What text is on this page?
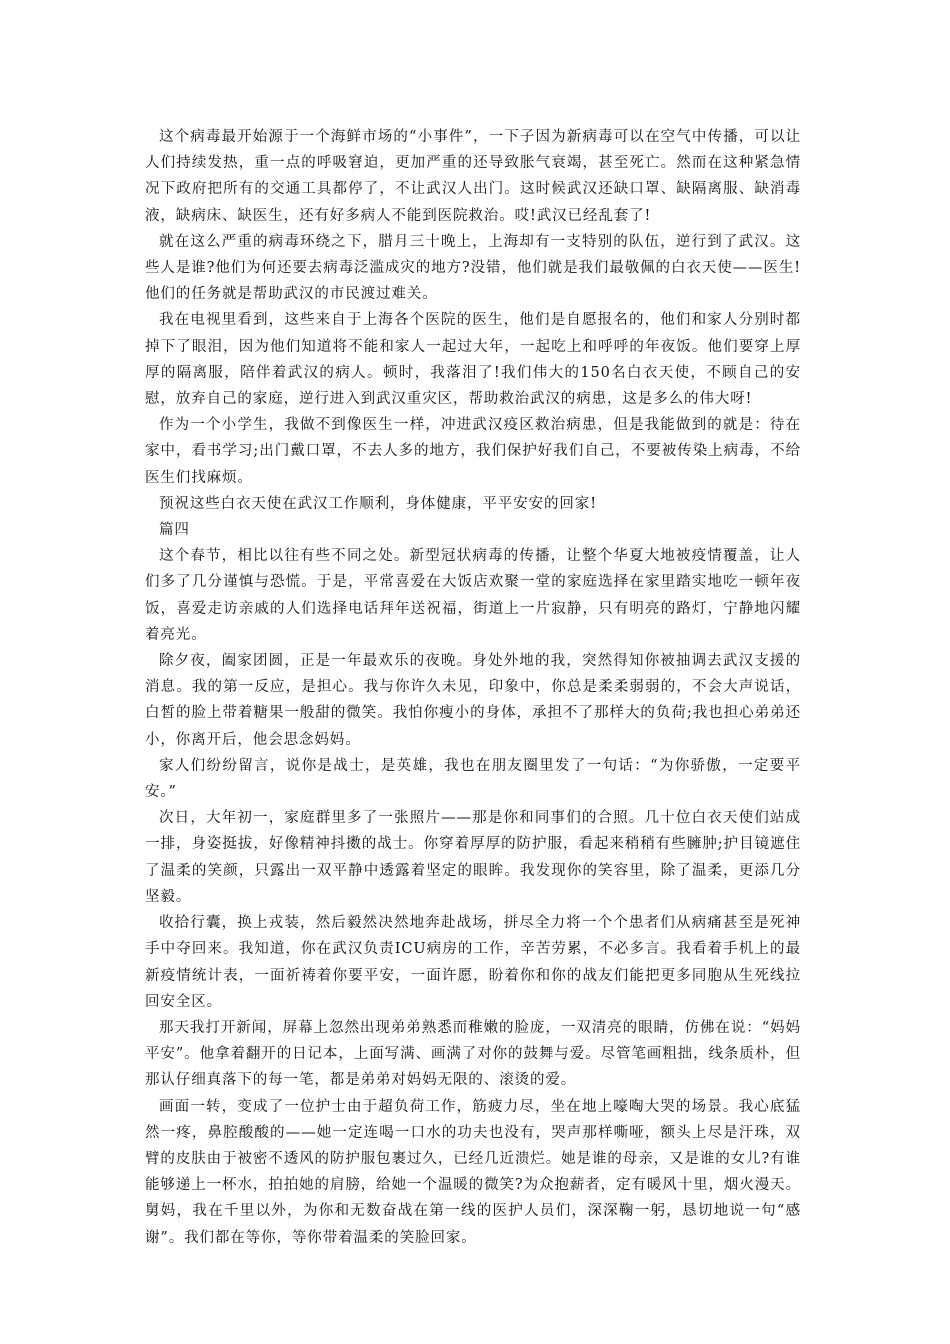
这个病毒最开始源于一个海鲜市场的“小事件”，一下子因为新病毒可以在空气中传播，可以让人们持续发热，重一点的呼吸窘迫，更加严重的还导致胀气衰竭，甚至死亡。然而在这种紧急情况下政府把所有的交通工具都停了，不让武汉人出门。这时候武汉还缺口罩、缺隔离服、缺消毒液，缺病床、缺医生，还有好多病人不能到医院救治。哎!武汉已经乱套了!

就在这么严重的病毒环绕之下，腊月三十晚上，上海却有一支特别的队伍，逆行到了武汉。这些人是谁?他们为何还要去病毒泛滥成灾的地方?没错，他们就是我们最敬佩的白衣天使——医生!他们的任务就是帮助武汉的市民渡过难关。

我在电视里看到，这些来自于上海各个医院的医生，他们是自愿报名的，他们和家人分别时都掉下了眼泪，因为他们知道将不能和家人一起过大年，一起吃上和呼呼的年夜饭。他们要穿上厚厚的隔离服，陪伴着武汉的病人。顿时，我落泪了!我们伟大的150名白衣天使，不顾自己的安慰，放弃自己的家庭，逆行进入到武汉重灾区，帮助救治武汉的病患，这是多么的伟大呀!

作为一个小学生，我做不到像医生一样，冲进武汉疫区救治病患，但是我能做到的就是：待在家中，看书学习;出门戴口罩，不去人多的地方，我们保护好我们自己，不要被传染上病毒，不给医生们找麻烦。

预祝这些白衣天使在武汉工作顺利，身体健康，平平安安的回家!

篇四

这个春节，相比以往有些不同之处。新型冠状病毒的传播，让整个华夏大地被疫情覆盖，让人们多了几分谨慎与恐慌。于是，平常喜爱在大饭店欢聚一堂的家庭选择在家里踏实地吃一顿年夜饭，喜爱走访亲戚的人们选择电话拜年送祝福，街道上一片寂静，只有明亮的路灯，宁静地闪耀着亮光。

除夕夜，阖家团圆，正是一年最欢乐的夜晚。身处外地的我，突然得知你被抽调去武汉支援的消息。我的第一反应，是担心。我与你许久未见，印象中，你总是柔柔弱弱的，不会大声说话，白皙的脸上带着糖果一般甜的微笑。我怕你瘦小的身体，承担不了那样大的负荷;我也担心弟弟还小，你离开后，他会思念妈妈。

家人们纷纷留言，说你是战士，是英雄，我也在朋友圈里发了一句话：“为你骄傲，一定要平安。”

次日，大年初一，家庭群里多了一张照片——那是你和同事们的合照。几十位白衣天使们站成一排，身姿挺拔，好像精神抖擞的战士。你穿着厚厚的防护服，看起来稍稍有些臃肿;护目镜遮住了温柔的笑颜，只露出一双平静中透露着坚定的眼眸。我发现你的笑容里，除了温柔，更添几分坚毅。

收拾行囊，换上戎装，然后毅然决然地奔赴战场，拼尽全力将一个个患者们从病痛甚至是死神手中夺回来。我知道，你在武汉负责ICU病房的工作，辛苦劳累，不必多言。我看着手机上的最新疫情统计表，一面祈祷着你要平安，一面许愿，盼着你和你的战友们能把更多同胞从生死线拉回安全区。

那天我打开新闻，屏幕上忽然出现弟弟熟悉而稚嫩的脸庞，一双清亮的眼睛，仿佛在说：“妈妈平安”。他拿着翻开的日记本，上面写满、画满了对你的鼓舞与爱。尽管笔画粗拙，线条质朴，但那认仔细真落下的每一笔，都是弟弟对妈妈无限的、滚烫的爱。

画面一转，变成了一位护士由于超负荷工作，筋疲力尽，坐在地上嚎啕大哭的场景。我心底猛然一疼，鼻腔酸酸的——她一定连喝一口水的功夫也没有，哭声那样嘶哑，额头上尽是汗珠，双臂的皮肤由于被密不透风的防护服包裹过久，已经几近溃烂。她是谁的母亲，又是谁的女儿?有谁能够递上一杯水，拍拍她的肩膀，给她一个温暖的微笑?为众抱薪者，定有暖风十里，烟火漫天。舅妈，我在千里以外，为你和无数奋战在第一线的医护人员们，深深鞠一躬，恳切地说一句“感谢”。我们都在等你，等你带着温柔的笑脸回家。
